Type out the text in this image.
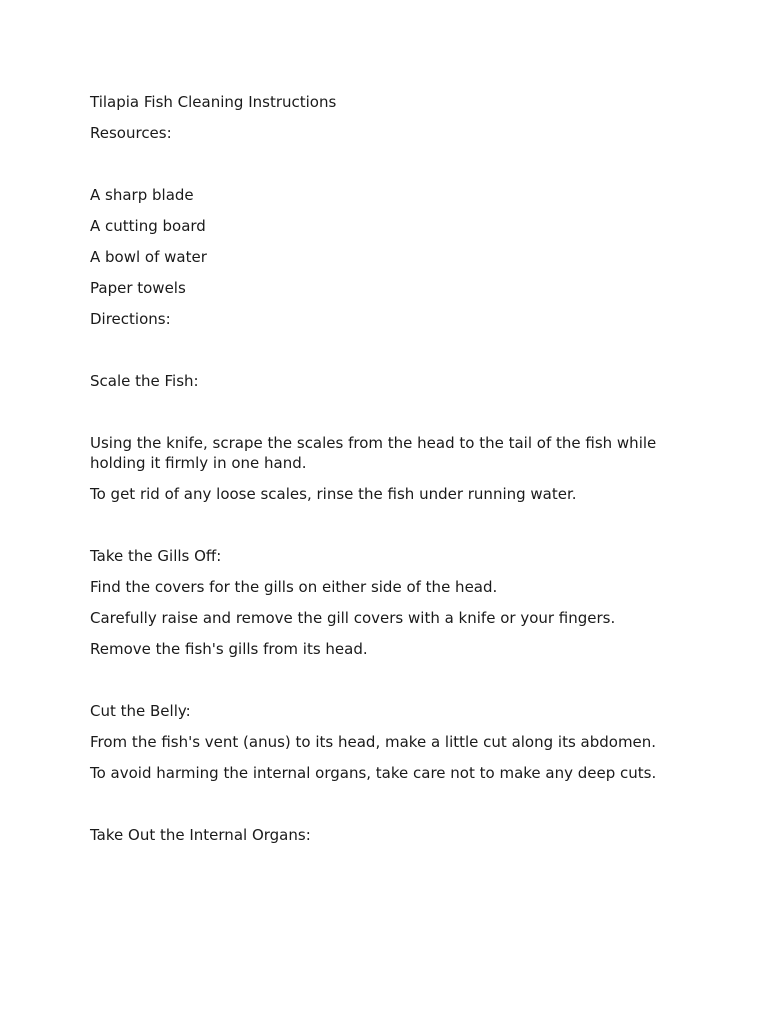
Tilapia Fish Cleaning Instructions

Resources:

A sharp blade

A cutting board

A bowl of water

Paper towels

Directions:

Scale the Fish:

Using the knife, scrape the scales from the head to the tail of the fish while holding it firmly in one hand.

To get rid of any loose scales, rinse the fish under running water.

Take the Gills Off:

Find the covers for the gills on either side of the head.

Carefully raise and remove the gill covers with a knife or your fingers.

Remove the fish's gills from its head.

Cut the Belly:

From the fish's vent (anus) to its head, make a little cut along its abdomen.

To avoid harming the internal organs, take care not to make any deep cuts.

Take Out the Internal Organs:
